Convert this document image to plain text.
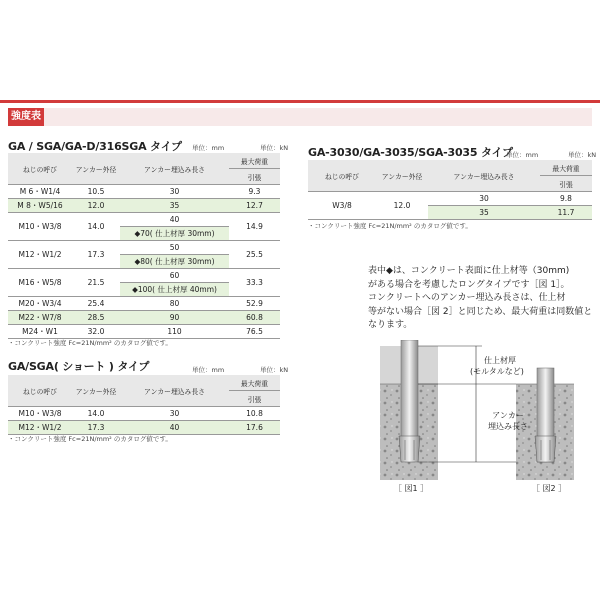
強度表
GA / SGA/GA-D/316SGA タイプ 単位：mm	単位：kN
ねじの呼び	アンカー外径	アンカー埋込み長さ	最大荷重
			引張
M 6・W1/4	10.5	30	9.3
M 8・W5/16	12.0	35	12.7
M10・W3/8	14.0	40	14.9
		◆70( 仕上材厚 30mm)	
M12・W1/2	17.3	50	25.5
		◆80( 仕上材厚 30mm)	
M16・W5/8	21.5	60	33.3
		◆100( 仕上材厚 40mm)	
M20・W3/4	25.4	80	52.9
M22・W7/8	28.5	90	60.8
M24・W1	32.0	110	76.5
・コンクリート強度 Fc=21N/mm² のカタログ値です。
GA/SGA( ショート ) タイプ	単位：mm	単位：kN
ねじの呼び	アンカー外径	アンカー埋込み長さ	最大荷重
			引張
M10・W3/8	14.0	30	10.8
M12・W1/2	17.3	40	17.6
・コンクリート強度 Fc=21N/mm² のカタログ値です。
GA-3030/GA-3035/SGA-3035 タイプ
単位：mm	単位：kN
ねじの呼び	アンカー外径	アンカー埋込み長さ	最大荷重
			引張
W3/8	12.0	30	9.8
		35	11.7
・コンクリート強度 Fc=21N/mm² のカタログ値です。
表中◆は、コンクリート表面に仕上材等（30mm)
がある場合を考慮したロングタイプです［図 1］。
コンクリートへのアンカー埋込み長さは、仕上材
等がない場合［図 2］と同じため、最大荷重は同数値と
なります。
仕上材厚
(モルタルなど)
アンカー
埋込み長さ
［ 図1 ］	［ 図2 ］
